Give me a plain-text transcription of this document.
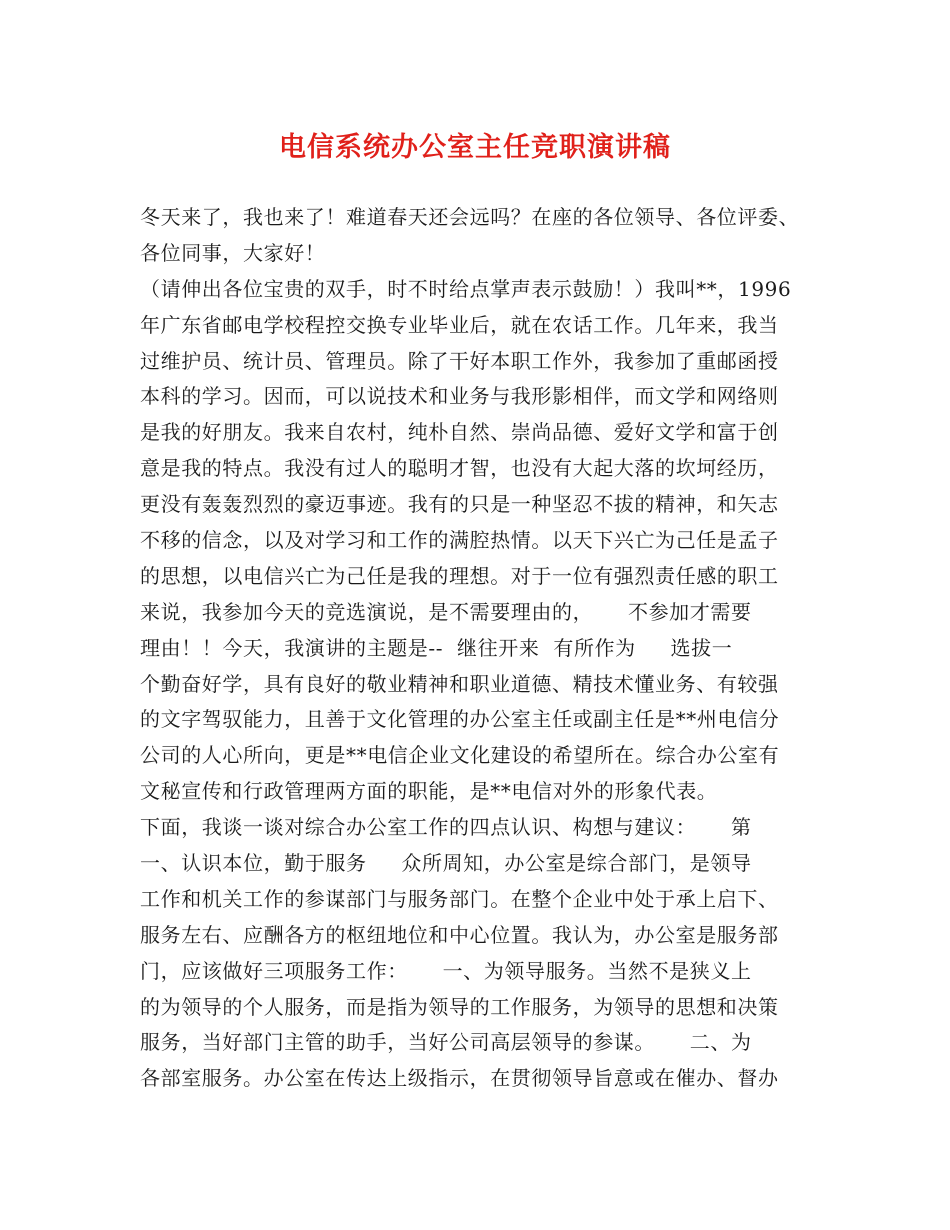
电信系统办公室主任竞职演讲稿
冬天来了，我也来了！难道春天还会远吗？在座的各位领导、各位评委、
各位同事，大家好！
（请伸出各位宝贵的双手，时不时给点掌声表示鼓励！）我叫**，1996
年广东省邮电学校程控交换专业毕业后，就在农话工作。几年来，我当
过维护员、统计员、管理员。除了干好本职工作外，我参加了重邮函授
本科的学习。因而，可以说技术和业务与我形影相伴，而文学和网络则
是我的好朋友。我来自农村，纯朴自然、崇尚品德、爱好文学和富于创
意是我的特点。我没有过人的聪明才智，也没有大起大落的坎坷经历，
更没有轰轰烈烈的豪迈事迹。我有的只是一种坚忍不拔的精神，和矢志
不移的信念，以及对学习和工作的满腔热情。以天下兴亡为己任是孟子
的思想，以电信兴亡为己任是我的理想。对于一位有强烈责任感的职工
来说，我参加今天的竞选演说，是不需要理由的，     不参加才需要
理由！！今天，我演讲的主题是--  继往开来  有所作为     选拔一
个勤奋好学，具有良好的敬业精神和职业道德、精技术懂业务、有较强
的文字驾驭能力，且善于文化管理的办公室主任或副主任是**州电信分
公司的人心所向，更是**电信企业文化建设的希望所在。综合办公室有
文秘宣传和行政管理两方面的职能，是**电信对外的形象代表。
下面，我谈一谈对综合办公室工作的四点认识、构想与建议：     第
一、认识本位，勤于服务     众所周知，办公室是综合部门，是领导
工作和机关工作的参谋部门与服务部门。在整个企业中处于承上启下、
服务左右、应酬各方的枢纽地位和中心位置。我认为，办公室是服务部
门，应该做好三项服务工作：     一、为领导服务。当然不是狭义上
的为领导的个人服务，而是指为领导的工作服务，为领导的思想和决策
服务，当好部门主管的助手，当好公司高层领导的参谋。     二、为
各部室服务。办公室在传达上级指示，在贯彻领导旨意或在催办、督办
